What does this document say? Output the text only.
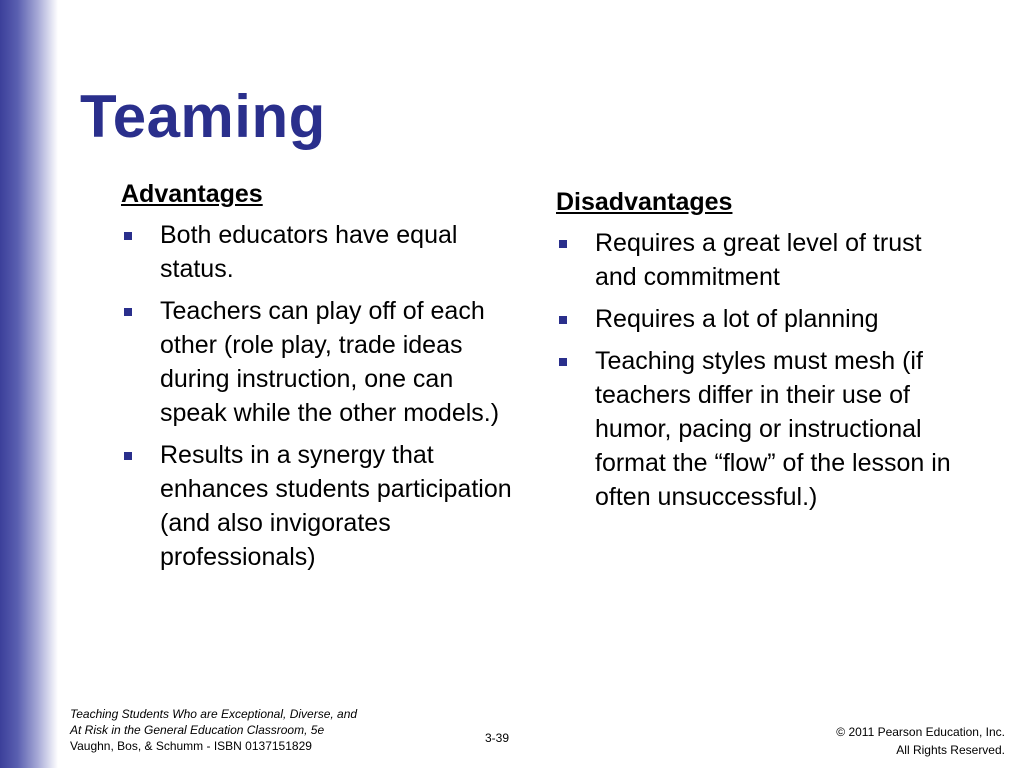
Teaming
Advantages
Both educators have equal status.
Teachers can play off of each other (role play, trade ideas during instruction, one can speak while the other models.)
Results in a synergy that enhances students participation (and also invigorates professionals)
Disadvantages
Requires a great level of trust and commitment
Requires a lot of planning
Teaching styles must mesh (if teachers differ in their use of humor, pacing or instructional format the “flow” of the lesson in often unsuccessful.)
Teaching Students Who are Exceptional, Diverse, and
At Risk in the General Education Classroom, 5e
Vaughn, Bos, & Schumm - ISBN 0137151829
3-39	© 2011 Pearson Education, Inc.
All Rights Reserved.
